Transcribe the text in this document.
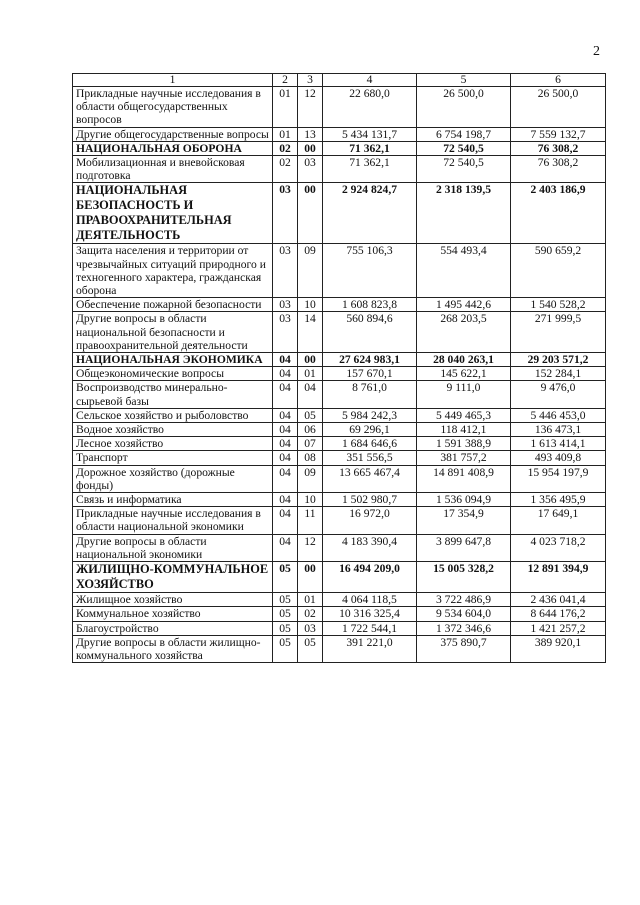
2
1	2	3	4	5	6
Прикладные научные исследования в области общегосударственных вопросов	01	12	22 680,0	26 500,0	26 500,0
Другие общегосударственные вопросы	01	13	5 434 131,7	6 754 198,7	7 559 132,7
НАЦИОНАЛЬНАЯ ОБОРОНА	02	00	71 362,1	72 540,5	76 308,2
Мобилизационная и вневойсковая подготовка	02	03	71 362,1	72 540,5	76 308,2
НАЦИОНАЛЬНАЯ БЕЗОПАСНОСТЬ И ПРАВООХРАНИТЕЛЬНАЯ ДЕЯТЕЛЬНОСТЬ	03	00	2 924 824,7	2 318 139,5	2 403 186,9
Защита населения и территории от чрезвычайных ситуаций природного и техногенного характера, гражданская оборона	03	09	755 106,3	554 493,4	590 659,2
Обеспечение пожарной безопасности	03	10	1 608 823,8	1 495 442,6	1 540 528,2
Другие вопросы в области национальной безопасности и правоохранительной деятельности	03	14	560 894,6	268 203,5	271 999,5
НАЦИОНАЛЬНАЯ ЭКОНОМИКА	04	00	27 624 983,1	28 040 263,1	29 203 571,2
Общеэкономические вопросы	04	01	157 670,1	145 622,1	152 284,1
Воспроизводство минерально-сырьевой базы	04	04	8 761,0	9 111,0	9 476,0
Сельское хозяйство и рыболовство	04	05	5 984 242,3	5 449 465,3	5 446 453,0
Водное хозяйство	04	06	69 296,1	118 412,1	136 473,1
Лесное хозяйство	04	07	1 684 646,6	1 591 388,9	1 613 414,1
Транспорт	04	08	351 556,5	381 757,2	493 409,8
Дорожное хозяйство (дорожные фонды)	04	09	13 665 467,4	14 891 408,9	15 954 197,9
Связь и информатика	04	10	1 502 980,7	1 536 094,9	1 356 495,9
Прикладные научные исследования в области национальной экономики	04	11	16 972,0	17 354,9	17 649,1
Другие вопросы в области национальной экономики	04	12	4 183 390,4	3 899 647,8	4 023 718,2
ЖИЛИЩНО-КОММУНАЛЬНОЕ ХОЗЯЙСТВО	05	00	16 494 209,0	15 005 328,2	12 891 394,9
Жилищное хозяйство	05	01	4 064 118,5	3 722 486,9	2 436 041,4
Коммунальное хозяйство	05	02	10 316 325,4	9 534 604,0	8 644 176,2
Благоустройство	05	03	1 722 544,1	1 372 346,6	1 421 257,2
Другие вопросы в области жилищно-коммунального хозяйства	05	05	391 221,0	375 890,7	389 920,1
